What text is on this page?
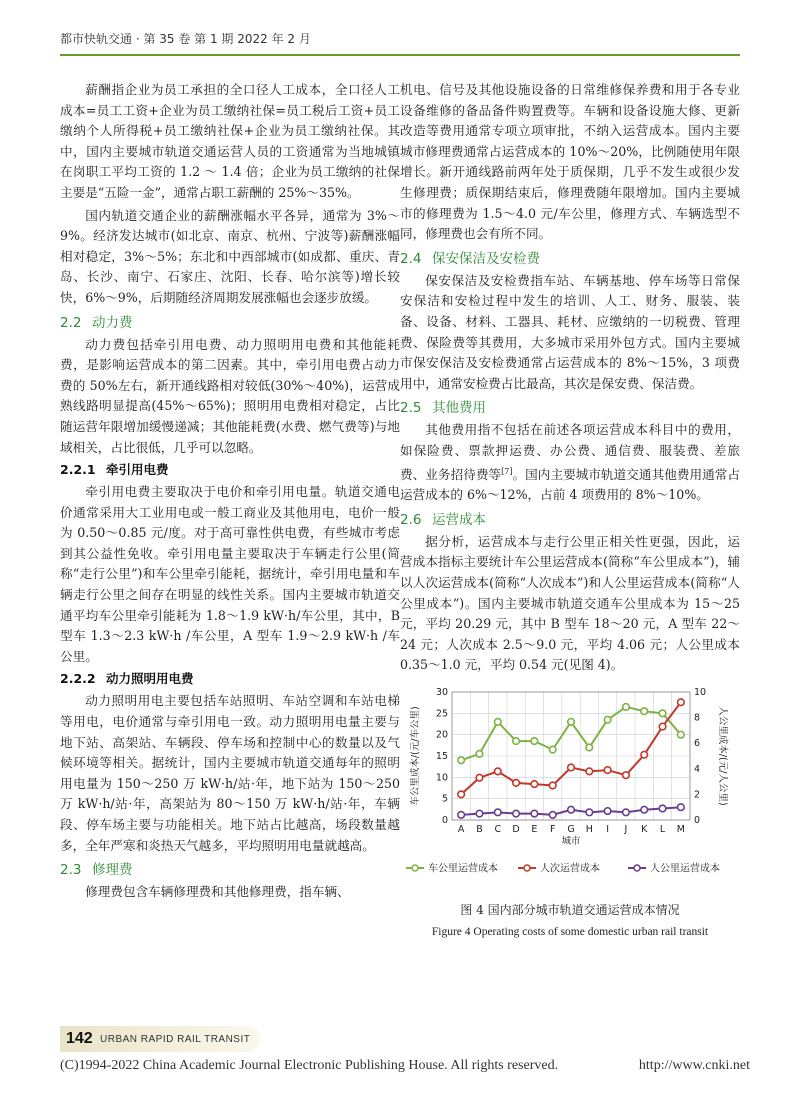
都市快轨交通 · 第 35 卷 第 1 期 2022 年 2 月

薪酬指企业为员工承担的全口径人工成本，全口径人工成本=员工工资+企业为员工缴纳社保=员工税后工资+员工缴纳个人所得税+员工缴纳社保+企业为员工缴纳社保。其中，国内主要城市轨道交通运营人员的工资通常为当地城镇在岗职工平均工资的 1.2 ～ 1.4 倍；企业为员工缴纳的社保主要是“五险一金”，通常占职工薪酬的 25%～35%。

国内轨道交通企业的薪酬涨幅水平各异，通常为 3%～9%。经济发达城市(如北京、南京、杭州、宁波等)薪酬涨幅相对稳定，3%～5%；东北和中西部城市(如成都、重庆、青岛、长沙、南宁、石家庄、沈阳、长春、哈尔滨等)增长较快，6%～9%，后期随经济周期发展涨幅也会逐步放缓。

2.2 动力费

动力费包括牵引用电费、动力照明用电费和其他能耗费，是影响运营成本的第二因素。其中，牵引用电费占动力费的 50%左右，新开通线路相对较低(30%～40%)，运营成熟线路明显提高(45%～65%)；照明用电费相对稳定，占比随运营年限增加缓慢递减；其他能耗费(水费、燃气费等)与地域相关，占比很低，几乎可以忽略。

2.2.1 牵引用电费

牵引用电费主要取决于电价和牵引用电量。轨道交通电价通常采用大工业用电或一般工商业及其他用电，电价一般为 0.50～0.85 元/度。对于高可靠性供电费，有些城市考虑到其公益性免收。牵引用电量主要取决于车辆走行公里(简称“走行公里”)和车公里牵引能耗，据统计，牵引用电量和车辆走行公里之间存在明显的线性关系。国内主要城市轨道交通平均车公里牵引能耗为 1.8～1.9 kW·h/车公里，其中，B 型车 1.3～2.3 kW·h /车公里，A 型车 1.9～2.9 kW·h /车公里。

2.2.2 动力照明用电费

动力照明用电主要包括车站照明、车站空调和车站电梯等用电，电价通常与牵引用电一致。动力照明用电量主要与地下站、高架站、车辆段、停车场和控制中心的数量以及气候环境等相关。据统计，国内主要城市轨道交通每年的照明用电量为 150～250 万 kW·h/站·年，地下站为 150～250 万 kW·h/站·年，高架站为 80～150 万 kW·h/站·年，车辆段、停车场主要与功能相关。地下站占比越高，场段数量越多，全年严寒和炎热天气越多，平均照明用电量就越高。

2.3 修理费

修理费包含车辆修理费和其他修理费，指车辆、

机电、信号及其他设施设备的日常维修保养费和用于各专业设备维修的备品备件购置费等。车辆和设备设施大修、更新改造等费用通常专项立项审批，不纳入运营成本。国内主要城市修理费通常占运营成本的 10%～20%，比例随使用年限增长。新开通线路前两年处于质保期，几乎不发生或很少发生修理费；质保期结束后，修理费随年限增加。国内主要城市的修理费为 1.5～4.0 元/车公里，修理方式、车辆选型不同，修理费也会有所不同。

2.4 保安保洁及安检费

保安保洁及安检费指车站、车辆基地、停车场等日常保安保洁和安检过程中发生的培训、人工、财务、服装、装备、设备、材料、工器具、耗材、应缴纳的一切税费、管理费、保险费等其费用，大多城市采用外包方式。国内主要城市保安保洁及安检费通常占运营成本的 8%～15%，3 项费用中，通常安检费占比最高，其次是保安费、保洁费。

2.5 其他费用

其他费用指不包括在前述各项运营成本科目中的费用，如保险费、票款押运费、办公费、通信费、服装费、差旅费、业务招待费等[7]。国内主要城市轨道交通其他费用通常占运营成本的 6%～12%，占前 4 项费用的 8%～10%。

2.6 运营成本

据分析，运营成本与走行公里正相关性更强，因此，运营成本指标主要统计车公里运营成本(简称“车公里成本”)，辅以人次运营成本(简称“人次成本”)和人公里运营成本(简称“人公里成本”)。国内主要城市轨道交通车公里成本为 15～25 元，平均 20.29 元，其中 B 型车 18～20 元，A 型车 22～24 元；人次成本 2.5～9.0 元，平均 4.06 元；人公里成本 0.35～1.0 元，平均 0.54 元(见图 4)。

0
5
10
15
20
25
30
0
2
4
6
8
10
A B C D E F G H I J K L M
城市
车公里成本/(元/车公里)	人公里成本/(元/人公里)
车公里运营成本	人次运营成本	人公里运营成本
图 4 国内部分城市轨道交通运营成本情况
Figure 4 Operating costs of some domestic urban rail transit
142 URBAN RAPID RAIL TRANSIT
(C)1994-2022 China Academic Journal Electronic Publishing House. All rights reserved.	http://www.cnki.net
